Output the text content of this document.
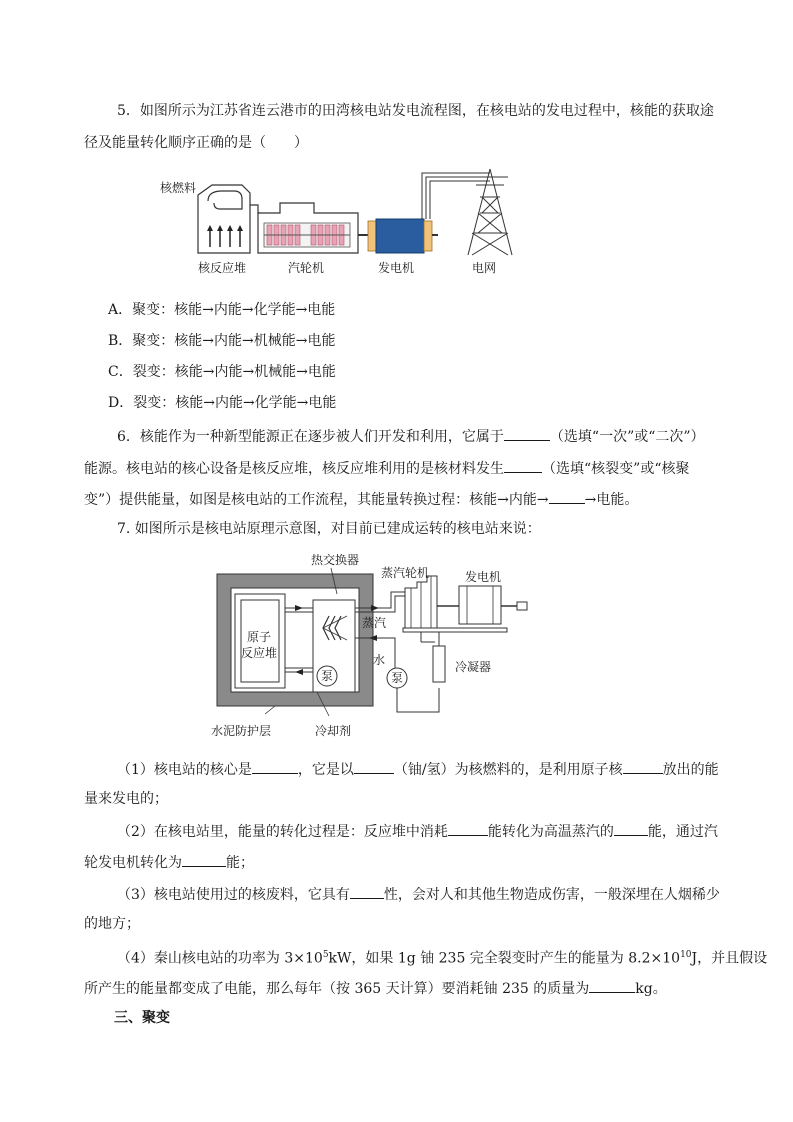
5．如图所示为江苏省连云港市的田湾核电站发电流程图，在核电站的发电过程中，核能的获取途
径及能量转化顺序正确的是（　　）
核燃料
核反应堆	汽轮机	发电机	电网
A．聚变：核能→内能→化学能→电能
B．聚变：核能→内能→机械能→电能
C．裂变：核能→内能→机械能→电能
D．裂变：核能→内能→化学能→电能
6．核能作为一种新型能源正在逐步被人们开发和利用，它属于	（选填“一次”或“二次”）
能源。核电站的核心设备是核反应堆，核反应堆利用的是核材料发生	（选填“核裂变”或“核聚
变”）提供能量，如图是核电站的工作流程，其能量转换过程：核能→内能→	→电能。
7. 如图所示是核电站原理示意图，对目前已建成运转的核电站来说：
热交换器
蒸汽轮机	发电机
原子
反应堆
蒸汽
水
泵	泵
冷凝器
水泥防护层	冷却剂
（1）核电站的核心是	，它是以	（铀/氢）为核燃料的，是利用原子核	放出的能
量来发电的；
（2）在核电站里，能量的转化过程是：反应堆中消耗	能转化为高温蒸汽的 能，通过汽
轮发电机转化为	能；
（3）核电站使用过的核废料，它具有 性，会对人和其他生物造成伤害，一般深埋在人烟稀少
的地方；
（4）秦山核电站的功率为 $3\times 10^5kW$，如果 1g 铀 235 完全裂变时产生的能量为 $8.2\times 10^{10}J$，并且假设
所产生的能量都变成了电能，那么每年（按 365 天计算）要消耗铀 235 的质量为	kg。
三、聚变
